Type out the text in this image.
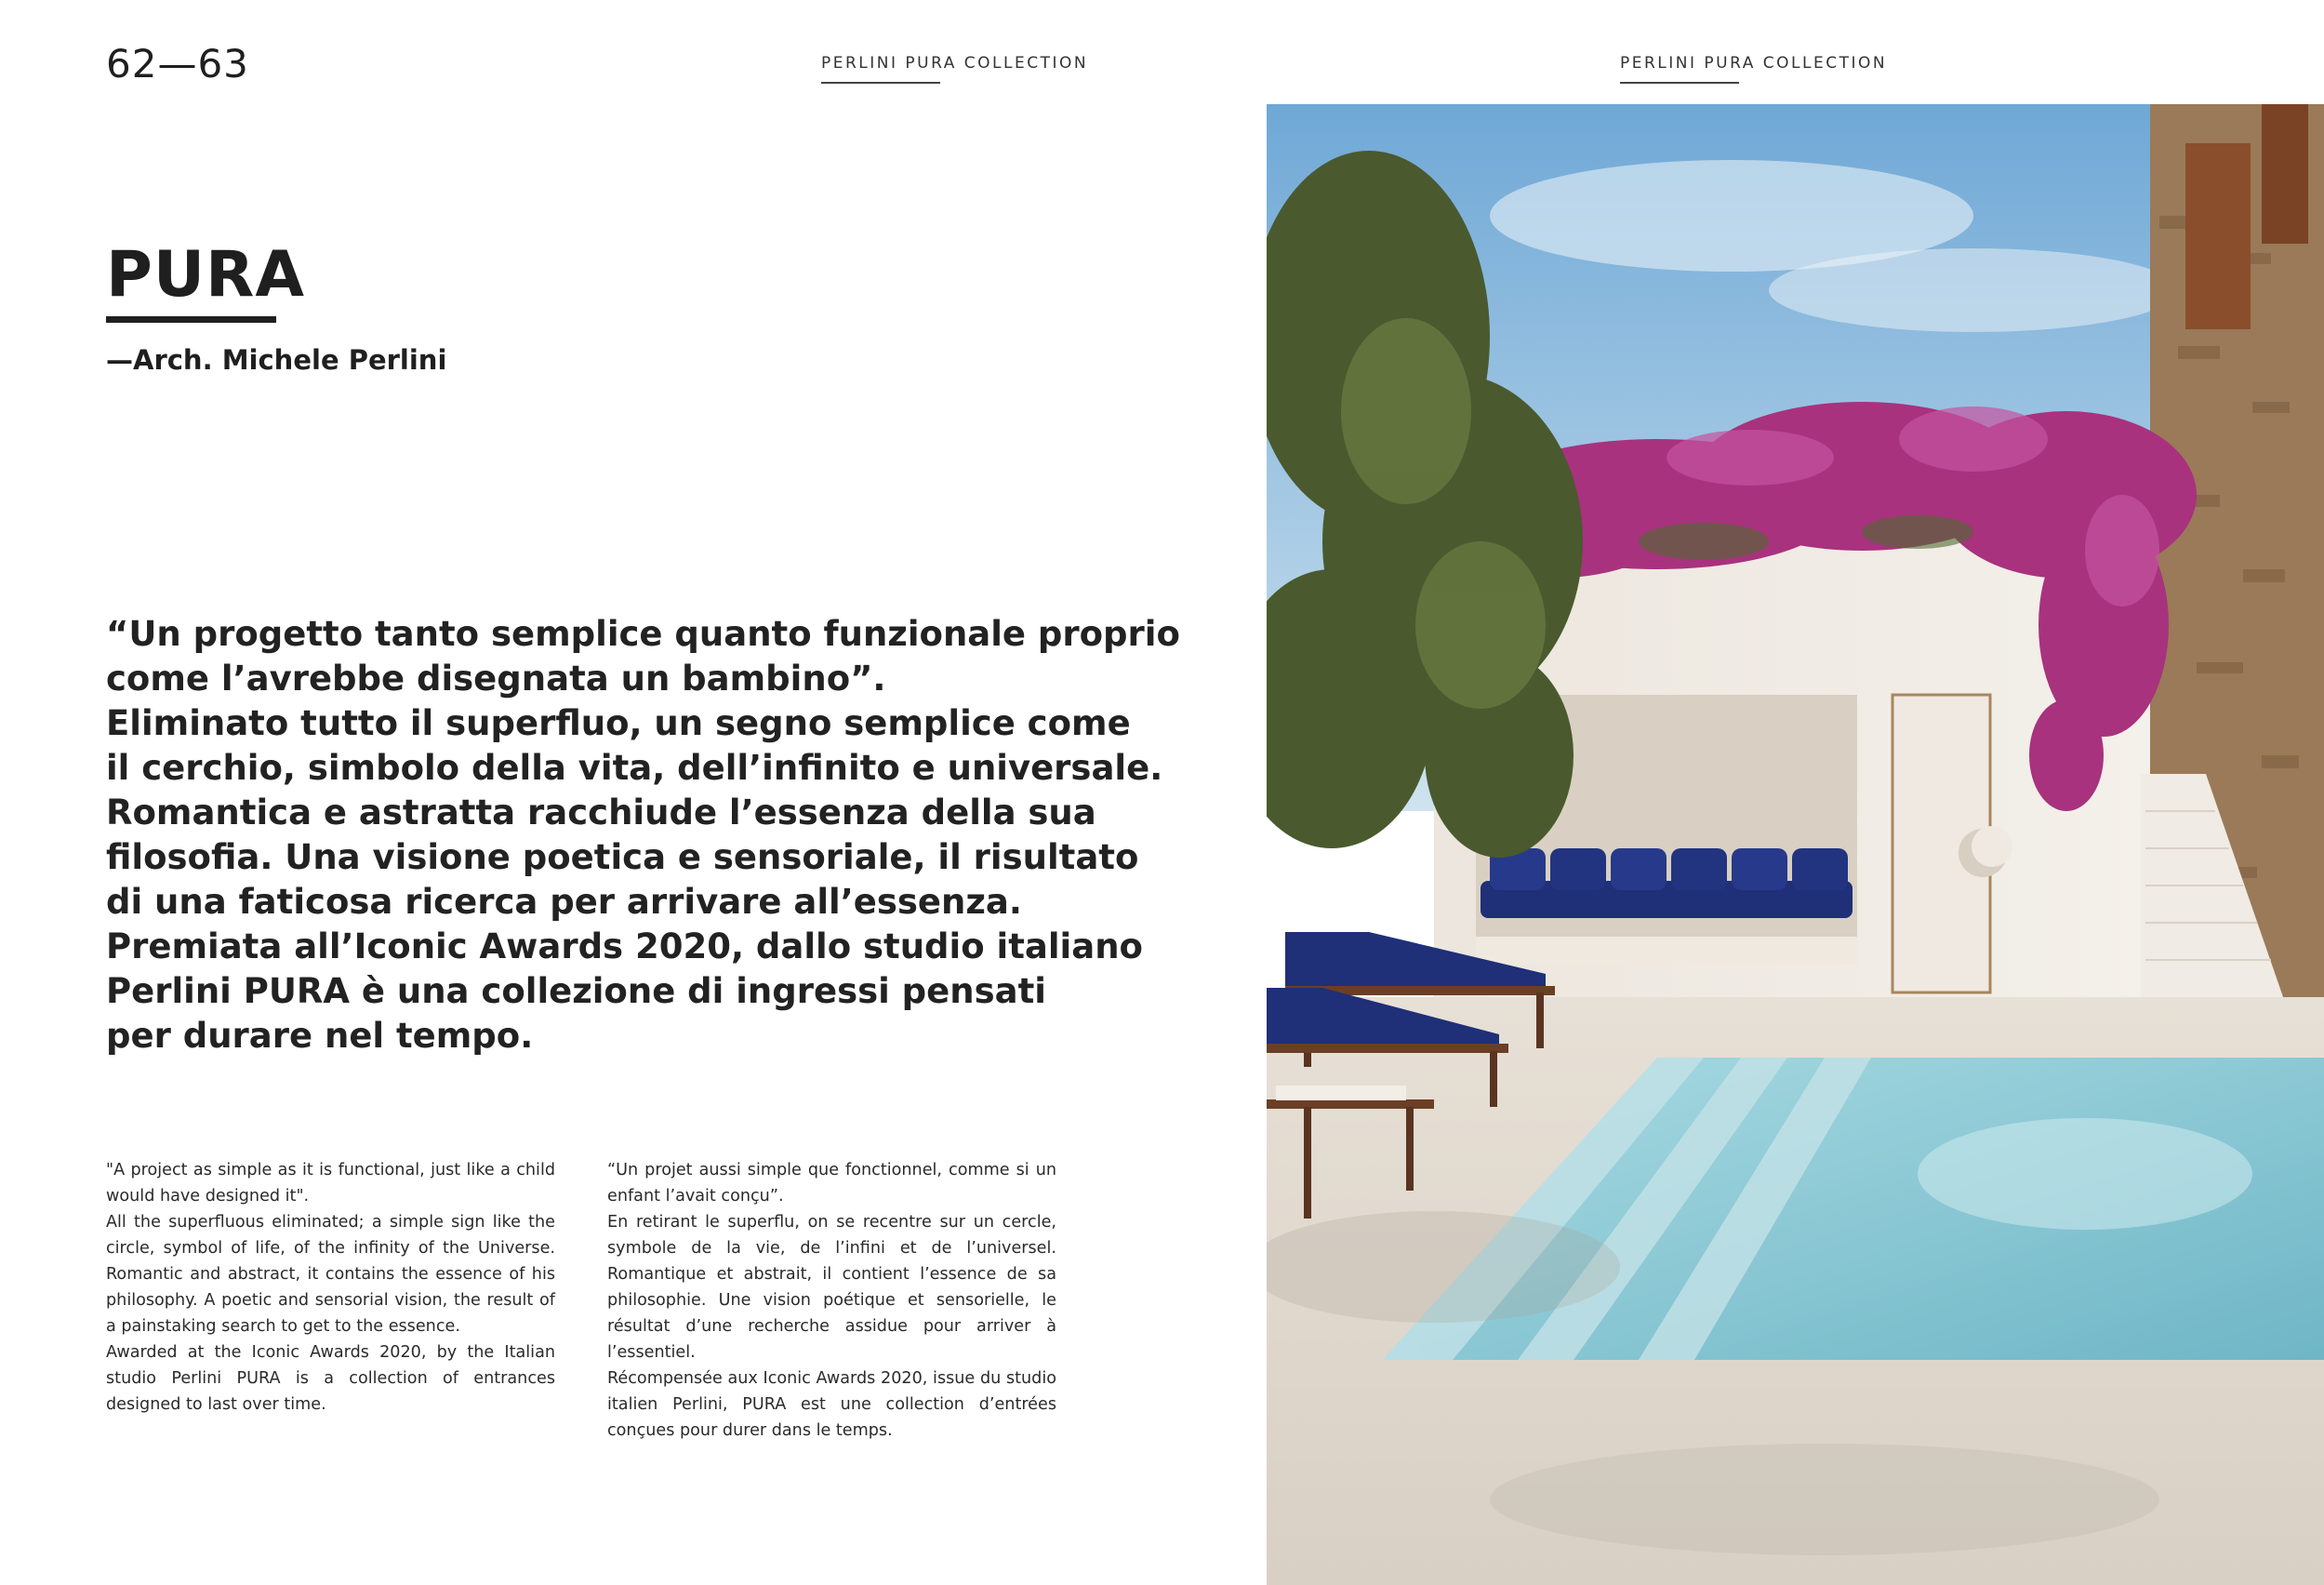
62—63	PERLINI PURA COLLECTION	PERLINI PURA COLLECTION
PURA
—Arch. Michele Perlini
“Un progetto tanto semplice quanto funzionale proprio
come l’avrebbe disegnata un bambino”.
Eliminato tutto il superfluo, un segno semplice come
il cerchio, simbolo della vita, dell’infinito e universale.
Romantica e astratta racchiude l’essenza della sua
filosofia. Una visione poetica e sensoriale, il risultato
di una faticosa ricerca per arrivare all’essenza.
Premiata all’Iconic Awards 2020, dallo studio italiano
Perlini PURA è una collezione di ingressi pensati
per durare nel tempo.

"A project as simple as it is functional, just like a child would have designed it".

All the superfluous eliminated; a simple sign like the circle, symbol of life, of the infinity of the Universe. Romantic and abstract, it contains the essence of his philosophy. A poetic and sensorial vision, the result of a painstaking search to get to the essence.

Awarded at the Iconic Awards 2020, by the Italian studio Perlini PURA is a collection of entrances designed to last over time.

“Un projet aussi simple que fonctionnel, comme si un enfant l’avait conçu”.

En retirant le superflu, on se recentre sur un cercle, symbole de la vie, de l’infini et de l’universel. Romantique et abstrait, il contient l’essence de sa philosophie. Une vision poétique et sensorielle, le résultat d’une recherche assidue pour arriver à l’essentiel.

Récompensée aux Iconic Awards 2020, issue du studio italien Perlini, PURA est une collection d’entrées conçues pour durer dans le temps.
